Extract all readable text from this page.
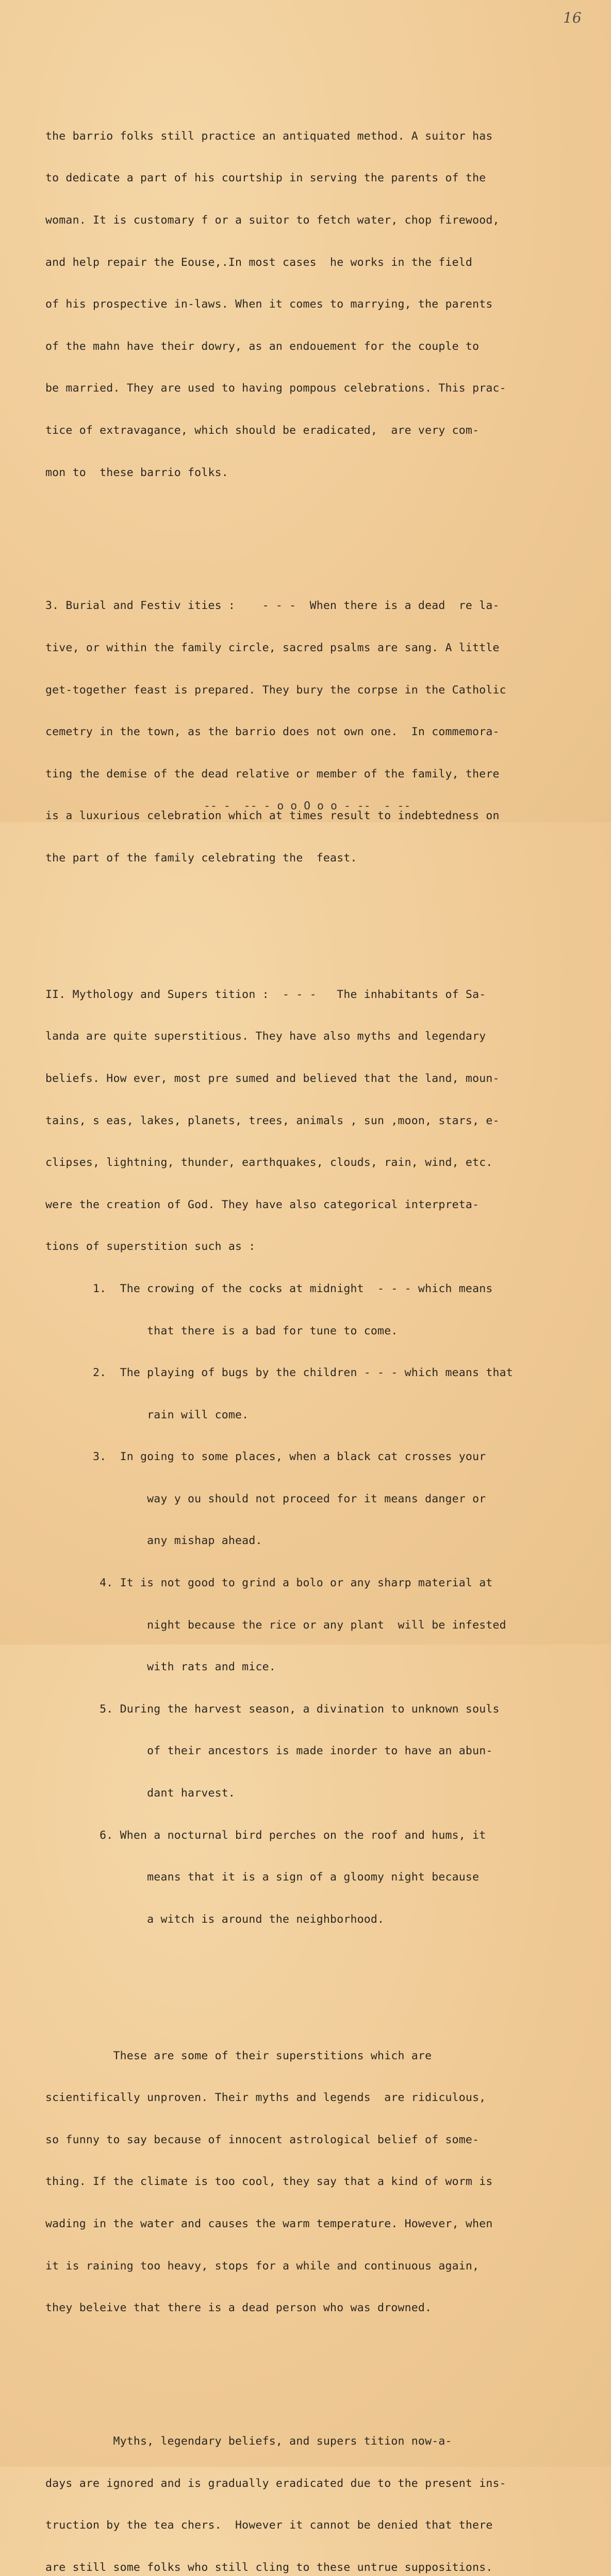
16

the barrio folks still practice an antiquated method. A suitor has

to dedicate a part of his courtship in serving the parents of the

woman. It is customary f or a suitor to fetch water, chop firewood,

and help repair the Eouse,.In most cases  he works in the field

of his prospective in-laws. When it comes to marrying, the parents

of the mahn have their dowry, as an endouement for the couple to

be married. They are used to having pompous celebrations. This prac-

tice of extravagance, which should be eradicated,  are very com-

mon to  these barrio folks.

3. Burial and Festiv ities :    - - -  When there is a dead  re la-

tive, or within the family circle, sacred psalms are sang. A little

get-together feast is prepared. They bury the corpse in the Catholic

cemetry in the town, as the barrio does not own one.  In commemora-

ting the demise of the dead relative or member of the family, there

is a luxurious celebration which at times result to indebtedness on

the part of the family celebrating the  feast.

II. Mythology and Supers tition :  - - -   The inhabitants of Sa-

landa are quite superstitious. They have also myths and legendary

beliefs. How ever, most pre sumed and believed that the land, moun-

tains, s eas, lakes, planets, trees, animals , sun ,moon, stars, e-

clipses, lightning, thunder, earthquakes, clouds, rain, wind, etc.

were the creation of God. They have also categorical interpreta-

tions of superstition such as :

1.  The crowing of the cocks at midnight  - - - which means

that there is a bad for tune to come.

2.  The playing of bugs by the children - - - which means that

rain will come.

3.  In going to some places, when a black cat crosses your

way y ou should not proceed for it means danger or

any mishap ahead.

4. It is not good to grind a bolo or any sharp material at

night because the rice or any plant  will be infested

with rats and mice.

5. During the harvest season, a divination to unknown souls

of their ancestors is made inorder to have an abun-

dant harvest.

6. When a nocturnal bird perches on the roof and hums, it

means that it is a sign of a gloomy night because

a witch is around the neighborhood.

These are some of their superstitions which are

scientifically unproven. Their myths and legends  are ridiculous,

so funny to say because of innocent astrological belief of some-

thing. If the climate is too cool, they say that a kind of worm is

wading in the water and causes the warm temperature. However, when

it is raining too heavy, stops for a while and continuous again,

they beleive that there is a dead person who was drowned.

Myths, legendary beliefs, and supers tition now-a-

days are ignored and is gradually eradicated due to the present ins-

truction by the tea chers.  However it cannot be denied that there

are still some folks who still cling to these untrue suppositions.

-- -  -- - o o O o o - --  - --
